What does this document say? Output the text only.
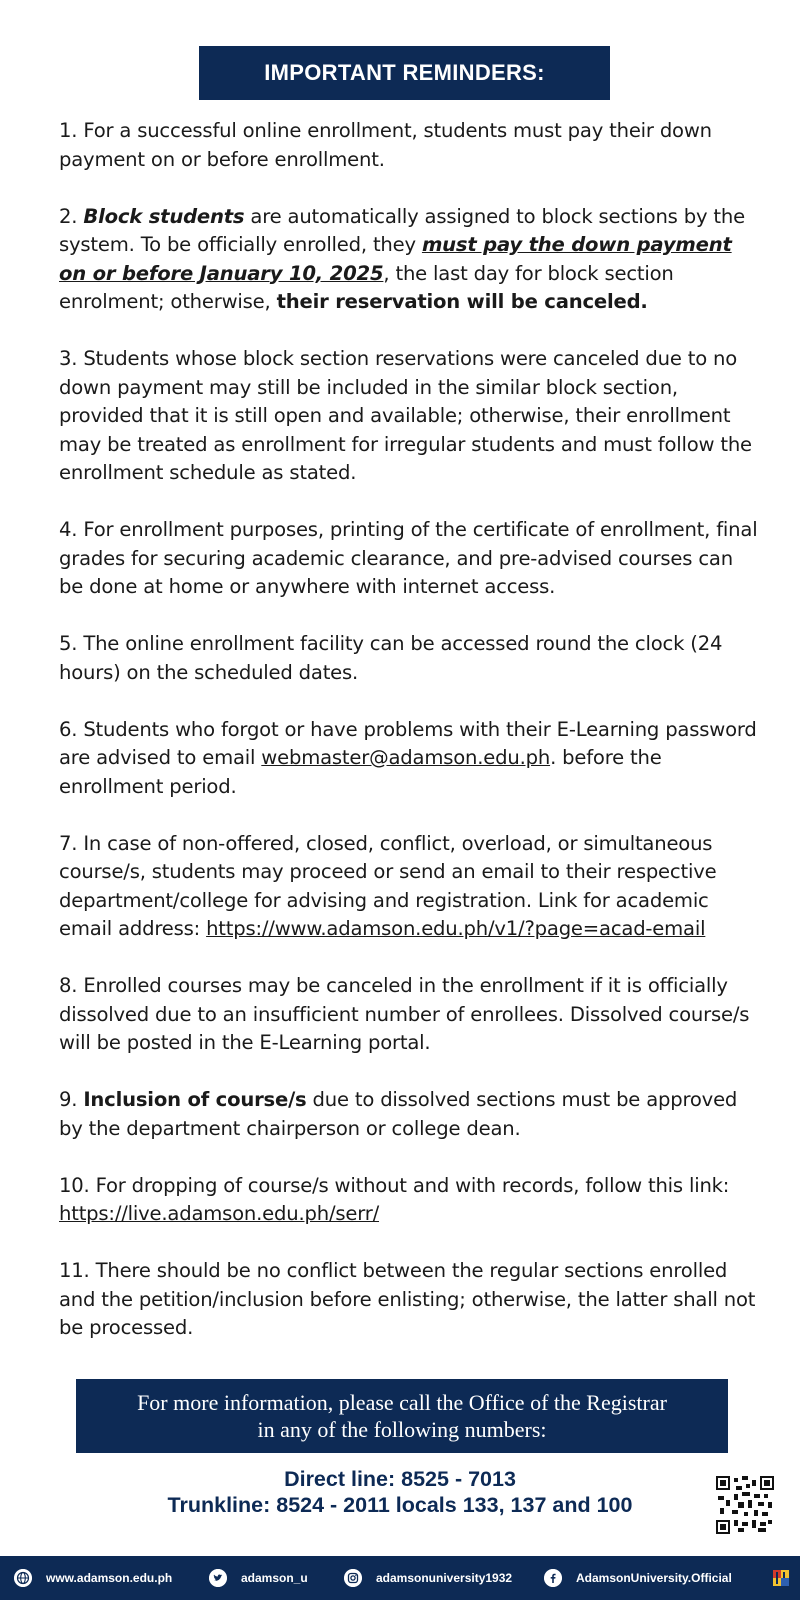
IMPORTANT REMINDERS:

1. For a successful online enrollment, students must pay their down payment on or before enrollment.

2. Block students are automatically assigned to block sections by the system. To be officially enrolled, they must pay the down payment on or before January 10, 2025, the last day for block section enrolment; otherwise, their reservation will be canceled.

3. Students whose block section reservations were canceled due to no down payment may still be included in the similar block section, provided that it is still open and available; otherwise, their enrollment may be treated as enrollment for irregular students and must follow the enrollment schedule as stated.

4. For enrollment purposes, printing of the certificate of enrollment, final grades for securing academic clearance, and pre-advised courses can be done at home or anywhere with internet access.

5. The online enrollment facility can be accessed round the clock (24 hours) on the scheduled dates.

6. Students who forgot or have problems with their E-Learning password are advised to email webmaster@adamson.edu.ph. before the enrollment period.

7. In case of non-offered, closed, conflict, overload, or simultaneous course/s, students may proceed or send an email to their respective department/college for advising and registration. Link for academic email address: https://www.adamson.edu.ph/v1/?page=acad-email

8. Enrolled courses may be canceled in the enrollment if it is officially dissolved due to an insufficient number of enrollees. Dissolved course/s will be posted in the E-Learning portal.

9. Inclusion of course/s due to dissolved sections must be approved by the department chairperson or college dean.

10. For dropping of course/s without and with records, follow this link: https://live.adamson.edu.ph/serr/

11. There should be no conflict between the regular sections enrolled and the petition/inclusion before enlisting; otherwise, the latter shall not be processed.

For more information, please call the Office of the Registrar
in any of the following numbers:
Direct line: 8525 - 7013
Trunkline: 8524 - 2011 locals 133, 137 and 100
www.adamson.edu.ph	adamson_u	adamsonuniversity1932	AdamsonUniversity.Official
